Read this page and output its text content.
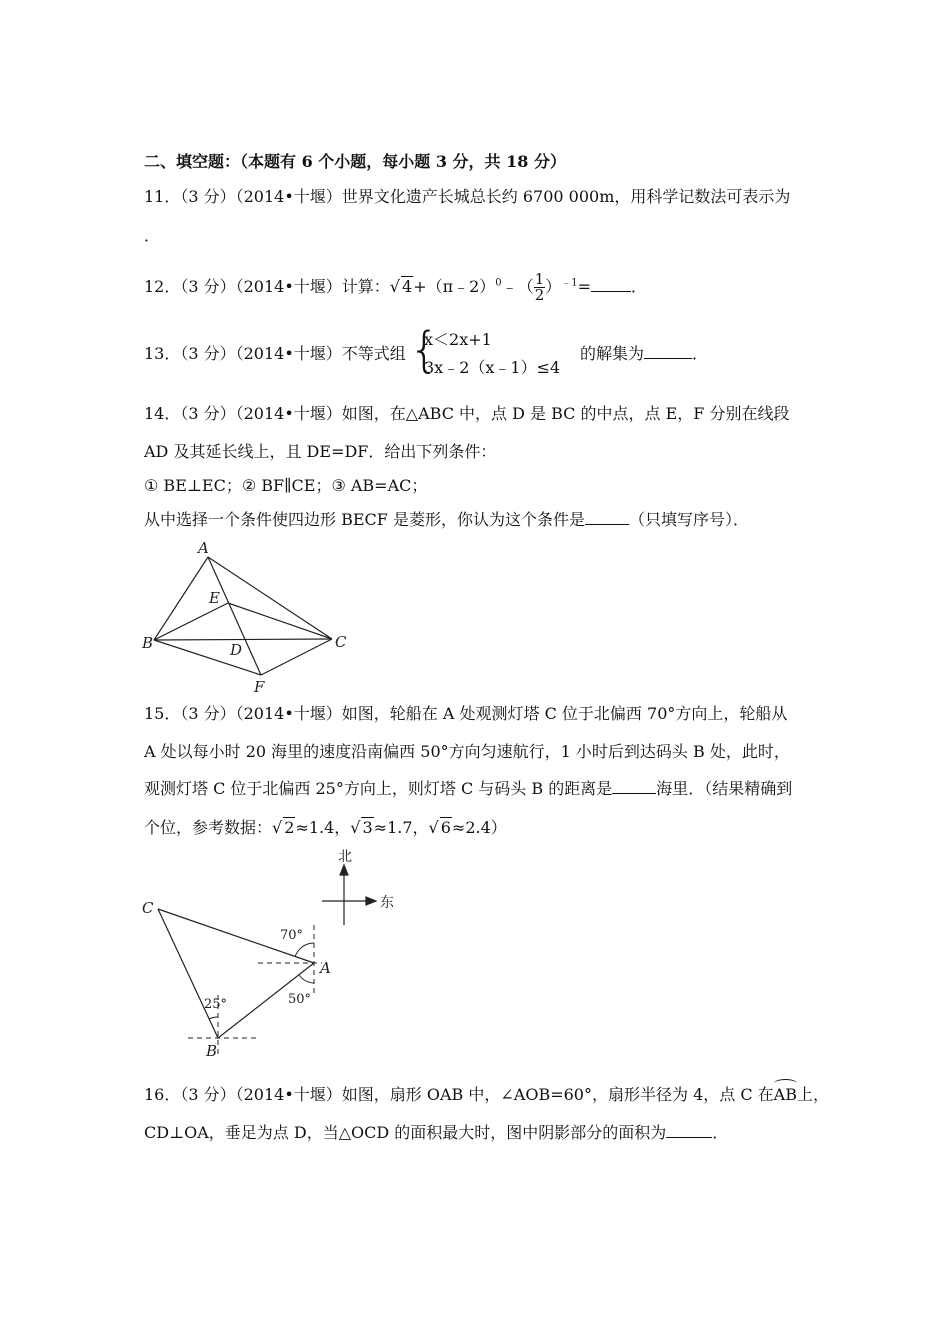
二、填空题：（本题有 6 个小题，每小题 3 分，共 18 分）
11．（3 分）（2014•十堰）世界文化遗产长城总长约 6700 000m，用科学记数法可表示为
．
12．（3 分）（2014•十堰）计算：√ 4+（π﹣2）$^0$﹣（ $\frac{1}{2} )^{﹣1}=$	．
13．（3 分）（2014•十堰）不等式组 {
x＜2x+1
3x﹣2（x﹣1）≤4
的解集为	．
14．（3 分）（2014•十堰）如图，在△ABC 中，点 D 是 BC 的中点，点 E，F 分别在线段
AD 及其延长线上，且 DE=DF．给出下列条件：
① BE⊥EC；② BF∥CE；③ AB=AC；
从中选择一个条件使四边形 BECF 是菱形，你认为这个条件是	（只填写序号）．
A
B	C
D
E
F
15．（3 分）（2014•十堰）如图，轮船在 A 处观测灯塔 C 位于北偏西 70°方向上，轮船从
A 处以每小时 20 海里的速度沿南偏西 50°方向匀速航行，1 小时后到达码头 B 处，此时，
观测灯塔 C 位于北偏西 25°方向上，则灯塔 C 与码头 B 的距离是	海里．（结果精确到
个位，参考数据：√ 2≈1.4，√ 3≈1.7，√ 6≈2.4）
北
东
70°
50°
25°
C
A
B
16．（3 分）（2014•十堰）如图，扇形 OAB 中，∠AOB=60°，扇形半径为 4，点 C 在AB上，
CD⊥OA，垂足为点 D，当△OCD 的面积最大时，图中阴影部分的面积为	．
